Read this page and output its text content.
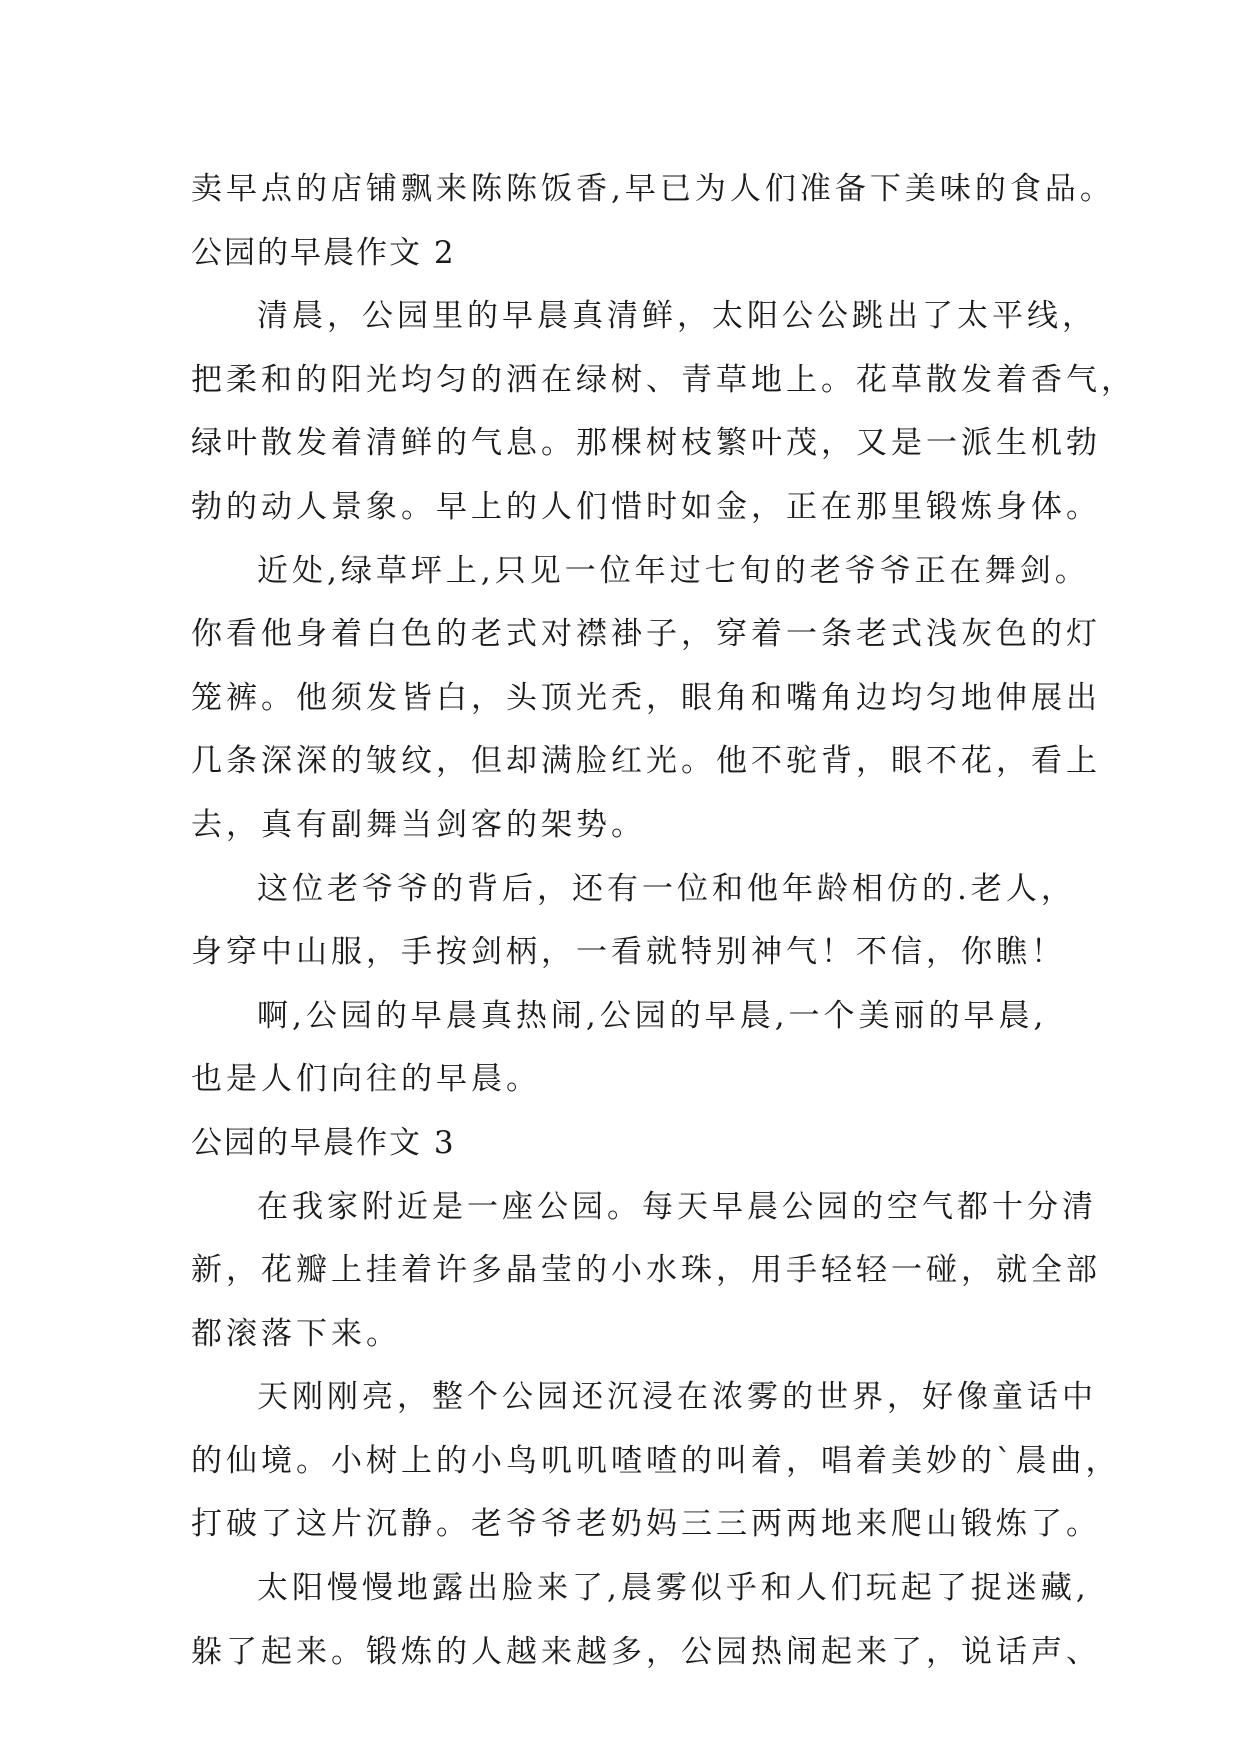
卖早点的店铺飘来陈陈饭香,早已为人们准备下美味的食品。
公园的早晨作文 2
清晨，公园里的早晨真清鲜，太阳公公跳出了太平线，
把柔和的阳光均匀的洒在绿树、青草地上。花草散发着香气，
绿叶散发着清鲜的气息。那棵树枝繁叶茂，又是一派生机勃
勃的动人景象。早上的人们惜时如金，正在那里锻炼身体。
近处,绿草坪上,只见一位年过七旬的老爷爷正在舞剑。
你看他身着白色的老式对襟褂子，穿着一条老式浅灰色的灯
笼裤。他须发皆白，头顶光秃，眼角和嘴角边均匀地伸展出
几条深深的皱纹，但却满脸红光。他不驼背，眼不花，看上
去，真有副舞当剑客的架势。
这位老爷爷的背后，还有一位和他年龄相仿的.老人，
身穿中山服，手按剑柄，一看就特别神气！不信，你瞧！
啊,公园的早晨真热闹,公园的早晨,一个美丽的早晨,
也是人们向往的早晨。
公园的早晨作文 3
在我家附近是一座公园。每天早晨公园的空气都十分清
新，花瓣上挂着许多晶莹的小水珠，用手轻轻一碰，就全部
都滚落下来。
天刚刚亮，整个公园还沉浸在浓雾的世界，好像童话中
的仙境。小树上的小鸟叽叽喳喳的叫着，唱着美妙的`晨曲，
打破了这片沉静。老爷爷老奶妈三三两两地来爬山锻炼了。
太阳慢慢地露出脸来了,晨雾似乎和人们玩起了捉迷藏,
躲了起来。锻炼的人越来越多，公园热闹起来了，说话声、
